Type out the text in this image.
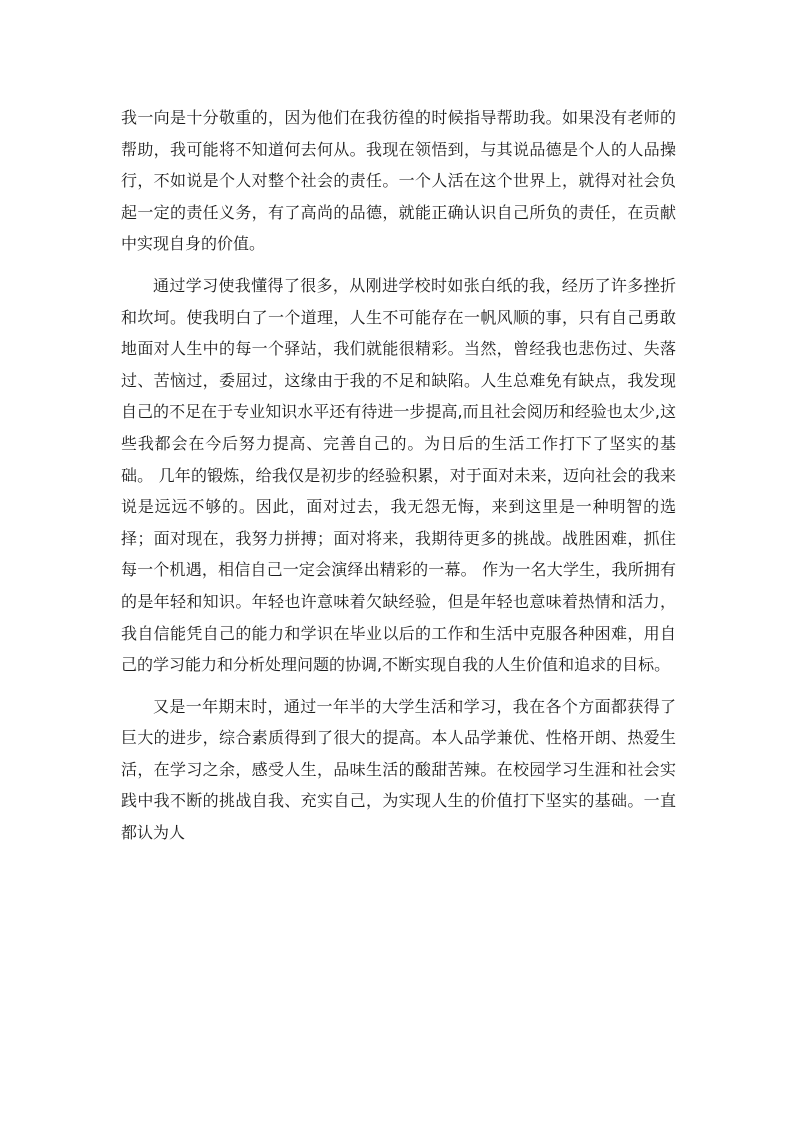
我一向是十分敬重的，因为他们在我彷徨的时候指导帮助我。如果没有老师的帮助，我可能将不知道何去何从。我现在领悟到，与其说品德是个人的人品操行，不如说是个人对整个社会的责任。一个人活在这个世界上，就得对社会负起一定的责任义务，有了高尚的品德，就能正确认识自己所负的责任，在贡献中实现自身的价值。

通过学习使我懂得了很多，从刚进学校时如张白纸的我，经历了许多挫折和坎坷。使我明白了一个道理，人生不可能存在一帆风顺的事，只有自己勇敢地面对人生中的每一个驿站，我们就能很精彩。当然，曾经我也悲伤过、失落过、苦恼过，委屈过，这缘由于我的不足和缺陷。人生总难免有缺点，我发现自己的不足在于专业知识水平还有待进一步提高,而且社会阅历和经验也太少,这些我都会在今后努力提高、完善自己的。为日后的生活工作打下了坚实的基础。 几年的锻炼，给我仅是初步的经验积累，对于面对未来，迈向社会的我来说是远远不够的。因此，面对过去，我无怨无悔，来到这里是一种明智的选择；面对现在，我努力拼搏；面对将来，我期待更多的挑战。战胜困难，抓住每一个机遇，相信自己一定会演绎出精彩的一幕。 作为一名大学生，我所拥有的是年轻和知识。年轻也许意味着欠缺经验，但是年轻也意味着热情和活力，我自信能凭自己的能力和学识在毕业以后的工作和生活中克服各种困难，用自己的学习能力和分析处理问题的协调,不断实现自我的人生价值和追求的目标。

又是一年期末时，通过一年半的大学生活和学习，我在各个方面都获得了巨大的进步，综合素质得到了很大的提高。本人品学兼优、性格开朗、热爱生活，在学习之余，感受人生，品味生活的酸甜苦辣。在校园学习生涯和社会实践中我不断的挑战自我、充实自己，为实现人生的价值打下坚实的基础。一直都认为人
